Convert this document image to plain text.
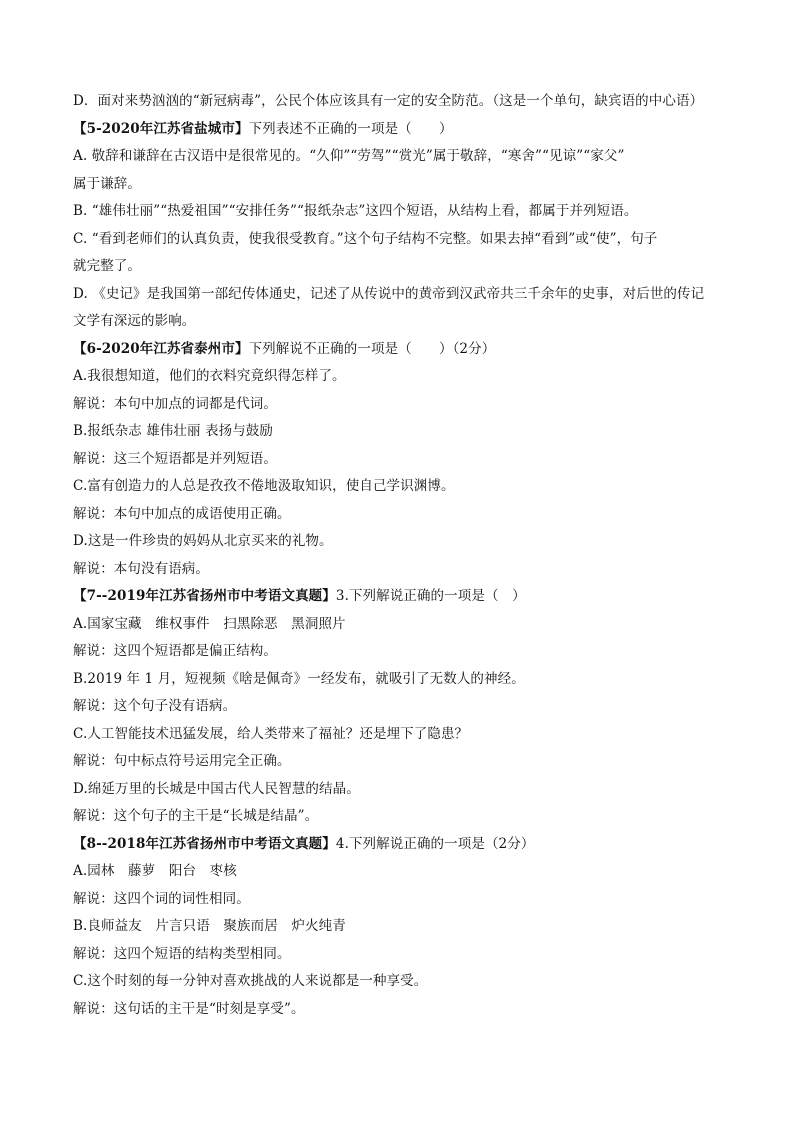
D．面对来势汹汹的“新冠病毒”，公民个体应该具有一定的安全防范。（这是一个单句，缺宾语的中心语）
【5-2020年江苏省盐城市】下列表述不正确的一项是（　　）
A. 敬辞和谦辞在古汉语中是很常见的。“久仰”“劳驾”“赏光”属于敬辞，“寒舍”“见谅”“家父”
属于谦辞。
B. “雄伟壮丽”“热爱祖国”“安排任务”“报纸杂志”这四个短语，从结构上看，都属于并列短语。
C. “看到老师们的认真负责，使我很受教育。”这个句子结构不完整。如果去掉“看到”或“使”，句子
就完整了。
D. 《史记》是我国第一部纪传体通史，记述了从传说中的黄帝到汉武帝共三千余年的史事，对后世的传记
文学有深远的影响。
【6-2020年江苏省泰州市】下列解说不正确的一项是（　　）（2分）
A.我很想知道，他们的衣料究竟织得怎样了。
解说：本句中加点的词都是代词。
B.报纸杂志 雄伟壮丽 表扬与鼓励
解说：这三个短语都是并列短语。
C.富有创造力的人总是孜孜不倦地汲取知识，使自己学识渊博。
解说：本句中加点的成语使用正确。
D.这是一件珍贵的妈妈从北京买来的礼物。
解说：本句没有语病。
【7--2019年江苏省扬州市中考语文真题】3.下列解说正确的一项是（　）
A.国家宝藏　维权事件　扫黑除恶　黑洞照片
解说：这四个短语都是偏正结构。
B.2019 年 1 月，短视频《啥是佩奇》一经发布，就吸引了无数人的神经。
解说：这个句子没有语病。
C.人工智能技术迅猛发展，给人类带来了福祉？还是埋下了隐患？
解说：句中标点符号运用完全正确。
D.绵延万里的长城是中国古代人民智慧的结晶。
解说：这个句子的主干是“长城是结晶”。
【8--2018年江苏省扬州市中考语文真题】4.下列解说正确的一项是（2分）
A.园林　藤萝　阳台　枣核
解说：这四个词的词性相同。
B.良师益友　片言只语　聚族而居　炉火纯青
解说：这四个短语的结构类型相同。
C.这个时刻的每一分钟对喜欢挑战的人来说都是一种享受。
解说：这句话的主干是“时刻是享受”。
